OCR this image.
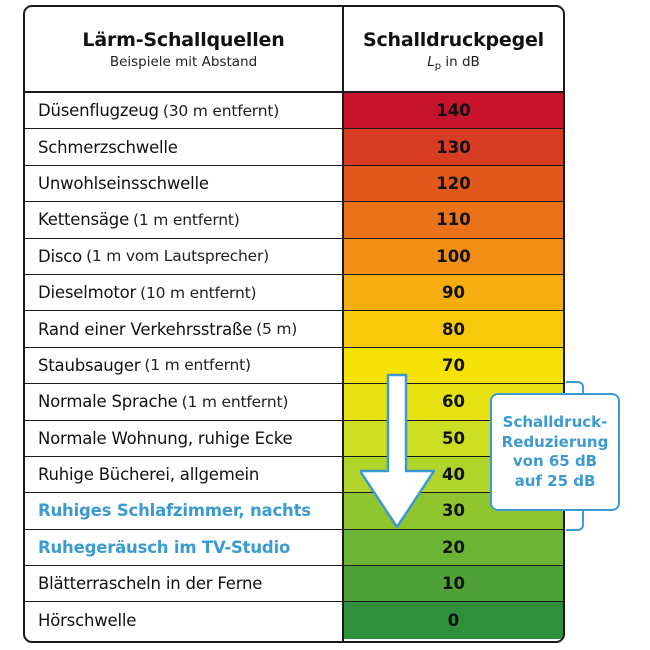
Lärm-Schallquellen
Beispiele mit Abstand
Schalldruckpegel
$L_p$ in dB
Düsenflugzeug (30 m entfernt)	140
Schmerzschwelle	130
Unwohlseinsschwelle	120
Kettensäge (1 m entfernt)	110
Disco (1 m vom Lautsprecher)	100
Dieselmotor (10 m entfernt)	90
Rand einer Verkehrsstraße (5 m)	80
Staubsauger (1 m entfernt)	70
Normale Sprache (1 m entfernt)	60
Normale Wohnung, ruhige Ecke	50
Ruhige Bücherei, allgemein	40
Ruhiges Schlafzimmer, nachts	30
Ruhegeräusch im TV-Studio	20
Blätterrascheln in der Ferne	10
Hörschwelle	0
Schalldruck-
Reduzierung
von 65 dB
auf 25 dB
